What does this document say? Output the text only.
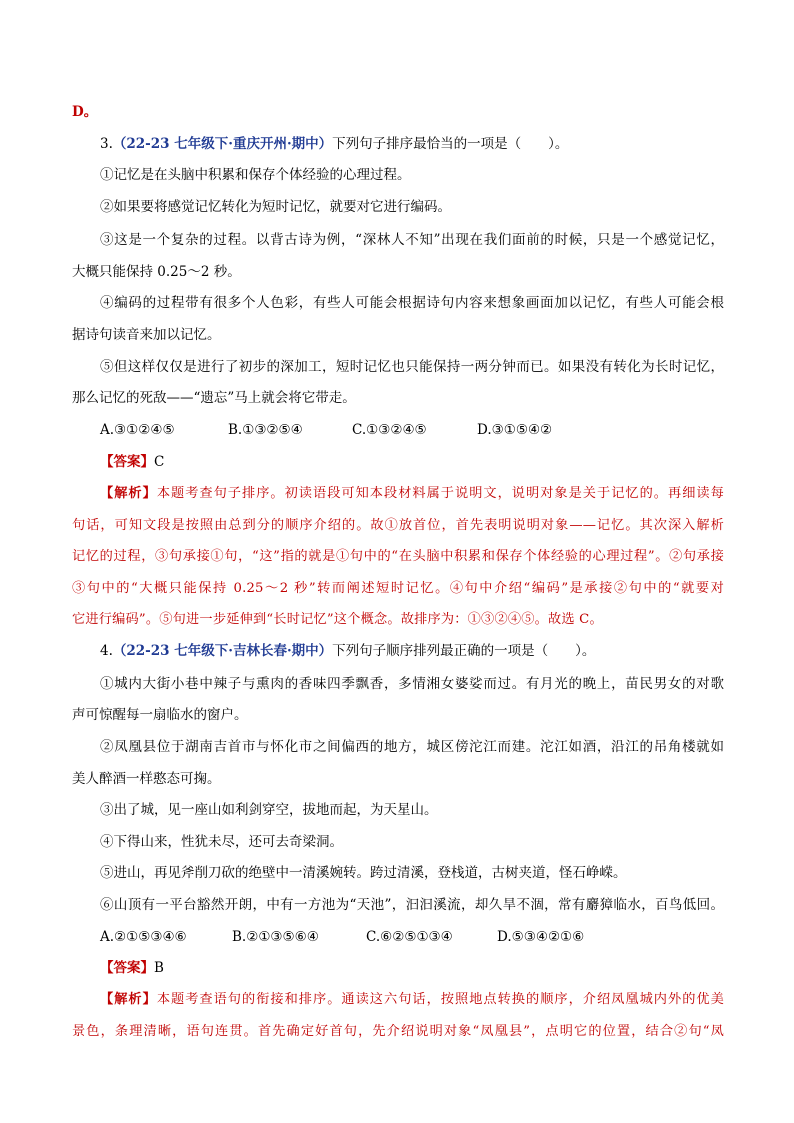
D。
3.（22-23 七年级下·重庆开州·期中）下列句子排序最恰当的一项是（　　）。
①记忆是在头脑中积累和保存个体经验的心理过程。
②如果要将感觉记忆转化为短时记忆，就要对它进行编码。
③这是一个复杂的过程。以背古诗为例，“深林人不知”出现在我们面前的时候，只是一个感觉记忆，
大概只能保持 0.25～2 秒。
④编码的过程带有很多个人色彩，有些人可能会根据诗句内容来想象画面加以记忆，有些人可能会根
据诗句读音来加以记忆。
⑤但这样仅仅是进行了初步的深加工，短时记忆也只能保持一两分钟而已。如果没有转化为长时记忆，
那么记忆的死敌——“遗忘”马上就会将它带走。
A.③①②④⑤	B.①③②⑤④	C.①③②④⑤	D.③①⑤④②
【答案】C
【解析】本题考查句子排序。初读语段可知本段材料属于说明文，说明对象是关于记忆的。再细读每
句话，可知文段是按照由总到分的顺序介绍的。故①放首位，首先表明说明对象——记忆。其次深入解析
记忆的过程，③句承接①句，“这”指的就是①句中的“在头脑中积累和保存个体经验的心理过程”。②句承接
③句中的“大概只能保持 0.25～2 秒”转而阐述短时记忆。④句中介绍“编码”是承接②句中的“就要对
它进行编码”。⑤句进一步延伸到“长时记忆”这个概念。故排序为：①③②④⑤。故选 C。
4.（22-23 七年级下·吉林长春·期中）下列句子顺序排列最正确的一项是（　　）。
①城内大街小巷中辣子与熏肉的香味四季飘香，多情湘女婆娑而过。有月光的晚上，苗民男女的对歌
声可惊醒每一扇临水的窗户。
②凤凰县位于湖南吉首市与怀化市之间偏西的地方，城区傍沱江而建。沱江如酒，沿江的吊角楼就如
美人醉酒一样憨态可掬。
③出了城，见一座山如利剑穿空，拔地而起，为天星山。
④下得山来，性犹未尽，还可去奇梁洞。
⑤进山，再见斧削刀砍的绝壁中一清溪婉转。跨过清溪，登栈道，古树夹道，怪石峥嵘。
⑥山顶有一平台豁然开朗，中有一方池为“天池”，汩汩溪流，却久旱不涸，常有麝獐临水，百鸟低回。
A.②①⑤③④⑥	B.②①③⑤⑥④	C.⑥②⑤①③④	D.⑤③④②①⑥
【答案】B
【解析】本题考查语句的衔接和排序。通读这六句话，按照地点转换的顺序，介绍凤凰城内外的优美
景色，条理清晰，语句连贯。首先确定好首句，先介绍说明对象“凤凰县”，点明它的位置，结合②句“凤
